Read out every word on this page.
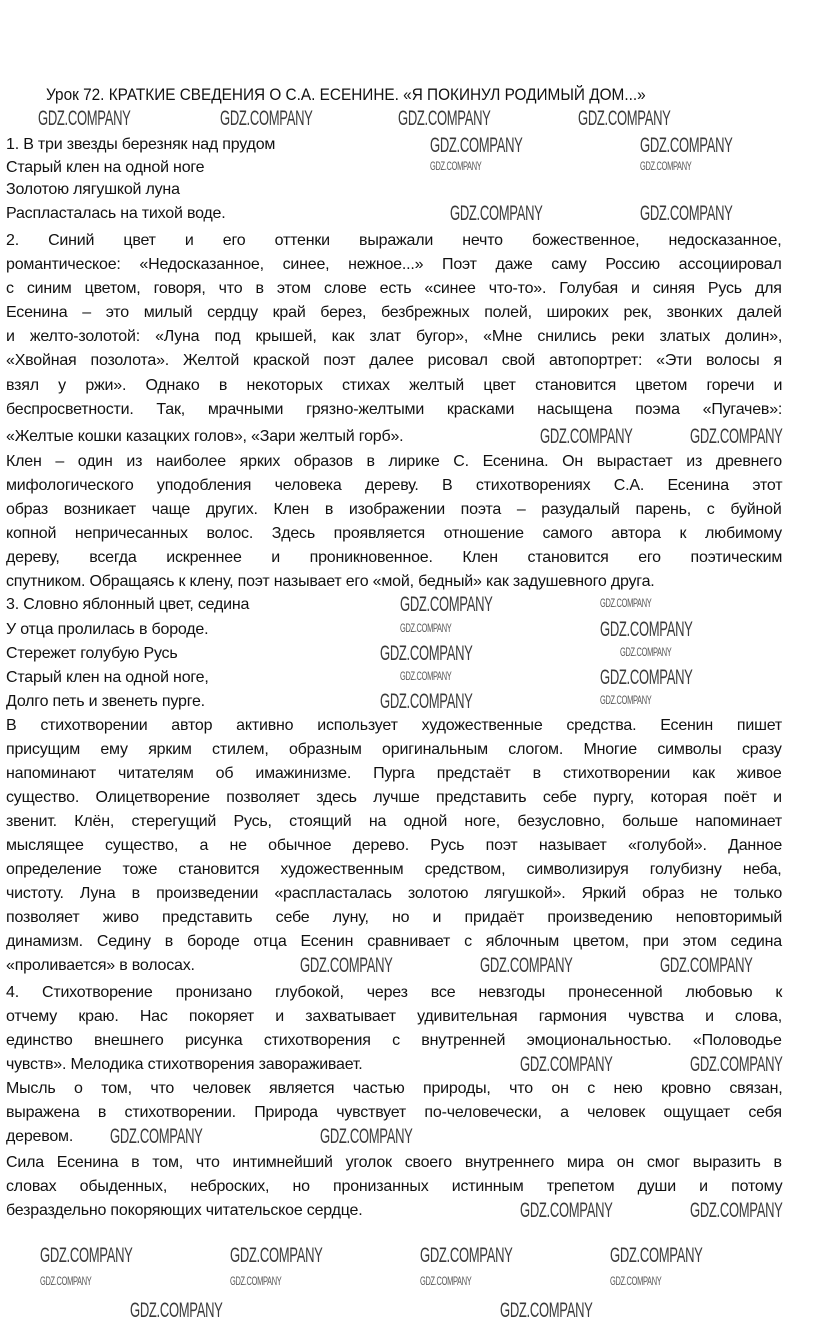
Урок 72. КРАТКИЕ СВЕДЕНИЯ О С.А. ЕСЕНИНЕ. «Я ПОКИНУЛ РОДИМЫЙ ДОМ...»
1. В три звезды березняк над прудом
Старый клен на одной ноге
Золотою лягушкой луна
Распласталась на тихой воде.
2. Синий цвет и его оттенки выражали нечто божественное, недосказанное,
романтическое: «Недосказанное, синее, нежное...» Поэт даже саму Россию ассоциировал
с синим цветом, говоря, что в этом слове есть «синее что-то». Голубая и синяя Русь для
Есенина – это милый сердцу край берез, безбрежных полей, широких рек, звонких далей
и желто-золотой: «Луна под крышей, как злат бугор», «Мне снились реки златых долин»,
«Хвойная позолота». Желтой краской поэт далее рисовал свой автопортрет: «Эти волосы я
взял у ржи». Однако в некоторых стихах желтый цвет становится цветом горечи и
беспросветности. Так, мрачными грязно-желтыми красками насыщена поэма «Пугачев»:
«Желтые кошки казацких голов», «Зари желтый горб».
Клен – один из наиболее ярких образов в лирике С. Есенина. Он вырастает из древнего
мифологического уподобления человека дереву. В стихотворениях С.А. Есенина этот
образ возникает чаще других. Клен в изображении поэта – разудалый парень, с буйной
копной непричесанных волос. Здесь проявляется отношение самого автора к любимому
дереву, всегда искреннее и проникновенное. Клен становится его поэтическим
спутником. Обращаясь к клену, поэт называет его «мой, бедный» как задушевного друга.
3. Словно яблонный цвет, седина
У отца пролилась в бороде.
Стережет голубую Русь
Старый клен на одной ноге,
Долго петь и звенеть пурге.
В стихотворении автор активно использует художественные средства. Есенин пишет
присущим ему ярким стилем, образным оригинальным слогом. Многие символы сразу
напоминают читателям об имажинизме. Пурга предстаёт в стихотворении как живое
существо. Олицетворение позволяет здесь лучше представить себе пургу, которая поёт и
звенит. Клён, стерегущий Русь, стоящий на одной ноге, безусловно, больше напоминает
мыслящее существо, а не обычное дерево. Русь поэт называет «голубой». Данное
определение тоже становится художественным средством, символизируя голубизну неба,
чистоту. Луна в произведении «распласталась золотою лягушкой». Яркий образ не только
позволяет живо представить себе луну, но и придаёт произведению неповторимый
динамизм. Седину в бороде отца Есенин сравнивает с яблочным цветом, при этом седина
«проливается» в волосах.
4. Стихотворение пронизано глубокой, через все невзгоды пронесенной любовью к
отчему краю. Нас покоряет и захватывает удивительная гармония чувства и слова,
единство внешнего рисунка стихотворения с внутренней эмоциональностью. «Половодье
чувств». Мелодика стихотворения завораживает.
Мысль о том, что человек является частью природы, что он с нею кровно связан,
выражена в стихотворении. Природа чувствует по-человечески, а человек ощущает себя
деревом.
Сила Есенина в том, что интимнейший уголок своего внутреннего мира он смог выразить в
словах обыденных, неброских, но пронизанных истинным трепетом души и потому
безраздельно покоряющих читательское сердце.
GDZ.COMPANY	GDZ.COMPANY	GDZ.COMPANY	GDZ.COMPANY
GDZ.COMPANY	GDZ.COMPANY
GDZ.COMPANY	GDZ.COMPANY
GDZ.COMPANY	GDZ.COMPANY
GDZ.COMPANY	GDZ.COMPANY
GDZ.COMPANY	GDZ.COMPANY
GDZ.COMPANY	GDZ.COMPANY
GDZ.COMPANY	GDZ.COMPANY
GDZ.COMPANY	GDZ.COMPANY
GDZ.COMPANY	GDZ.COMPANY
GDZ.COMPANY	GDZ.COMPANY	GDZ.COMPANY
GDZ.COMPANY	GDZ.COMPANY
GDZ.COMPANY	GDZ.COMPANY
GDZ.COMPANY	GDZ.COMPANY
GDZ.COMPANY	GDZ.COMPANY	GDZ.COMPANY	GDZ.COMPANY
GDZ.COMPANY	GDZ.COMPANY	GDZ.COMPANY	GDZ.COMPANY
GDZ.COMPANY	GDZ.COMPANY
